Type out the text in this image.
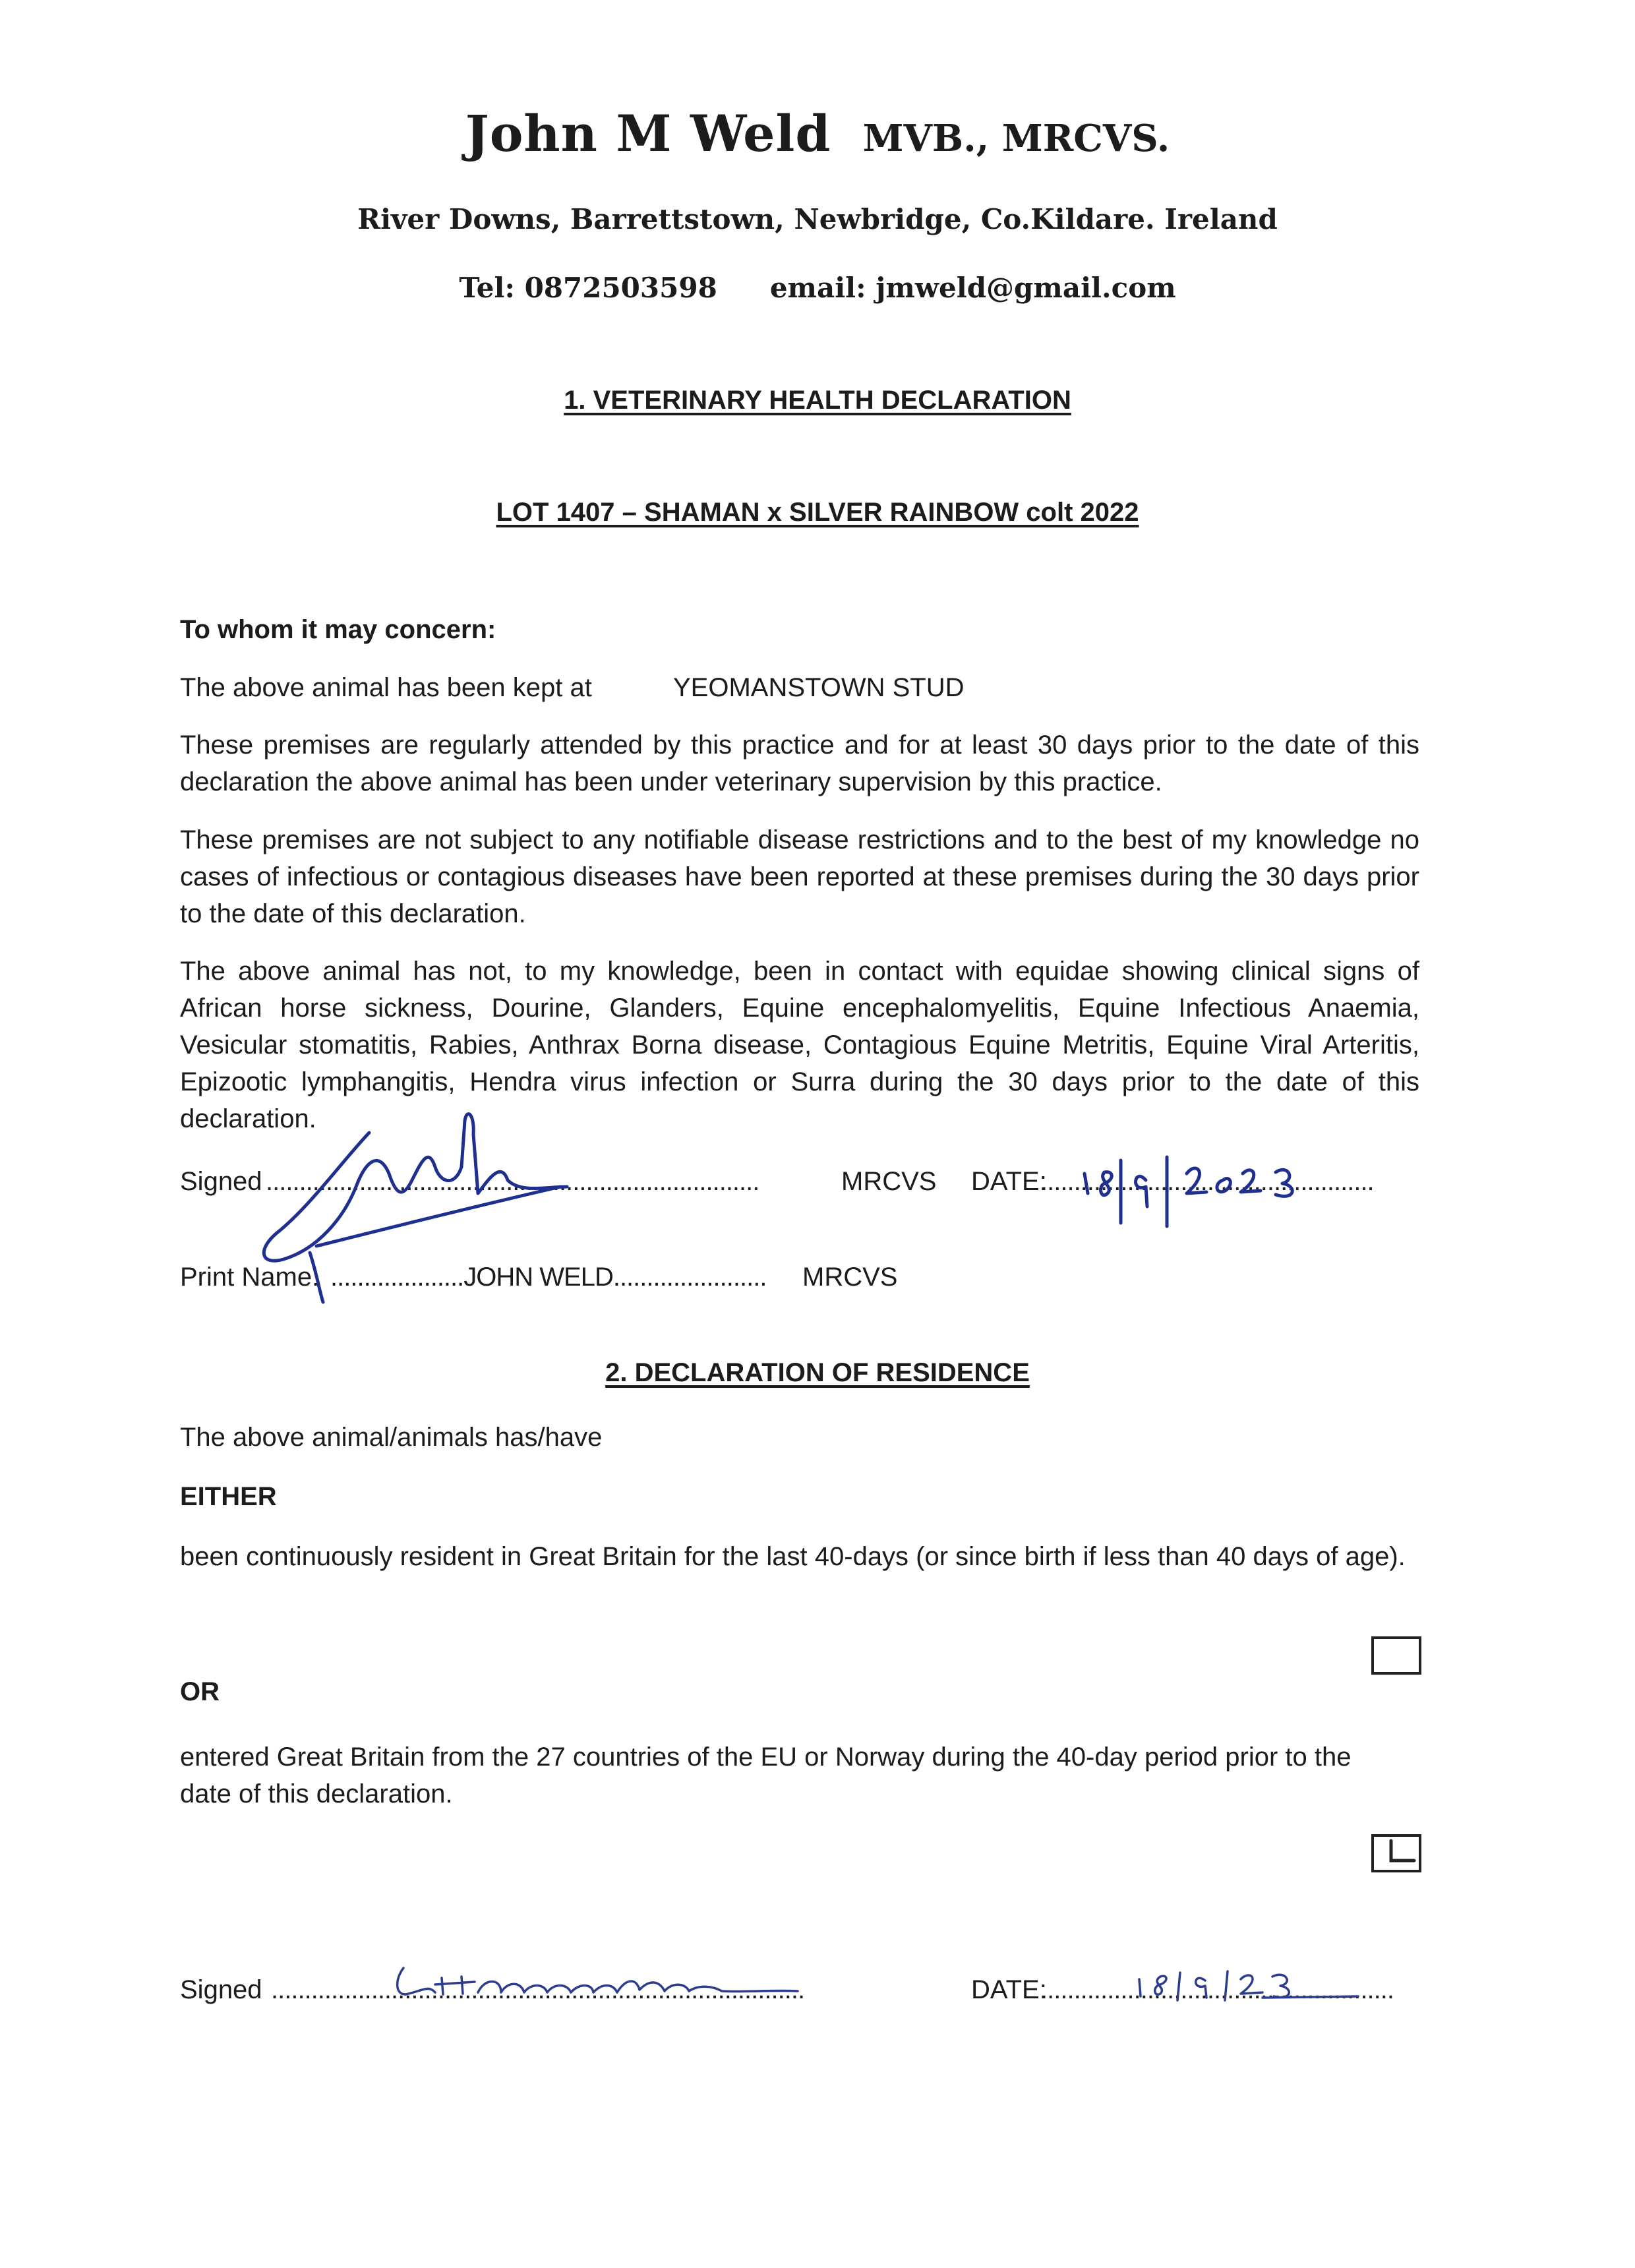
John M Weld MVB., MRCVS.
River Downs, Barrettstown, Newbridge, Co.Kildare. Ireland
Tel: 0872503598 email: jmweld@gmail.com
1. VETERINARY HEALTH DECLARATION
LOT 1407 – SHAMAN x SILVER RAINBOW colt 2022
To whom it may concern:
The above animal has been kept at	YEOMANSTOWN STUD
These premises are regularly attended by this practice and for at least 30 days prior to the date of this declaration the above animal has been under veterinary supervision by this practice.
These premises are not subject to any notifiable disease restrictions and to the best of my knowledge no cases of infectious or contagious diseases have been reported at these premises during the 30 days prior to the date of this declaration.
The above animal has not, to my knowledge, been in contact with equidae showing clinical signs of African horse sickness, Dourine, Glanders, Equine encephalomyelitis, Equine Infectious Anaemia, Vesicular stomatitis, Rabies, Anthrax Borna disease, Contagious Equine Metritis, Equine Viral Arteritis, Epizootic lymphangitis, Hendra virus infection or Surra during the 30 days prior to the date of this declaration.
Signed ..........................................................................	MRCVS DATE:
..................................................
Print Name: ....................JOHN WELD....................... MRCVS
2. DECLARATION OF RESIDENCE
The above animal/animals has/have
EITHER
been continuously resident in Great Britain for the last 40-days (or since birth if less than 40 days of age).
OR
entered Great Britain from the 27 countries of the EU or Norway during the 40-day period prior to the date of this declaration.
Signed ................................................................................	DATE:
.....................................................
